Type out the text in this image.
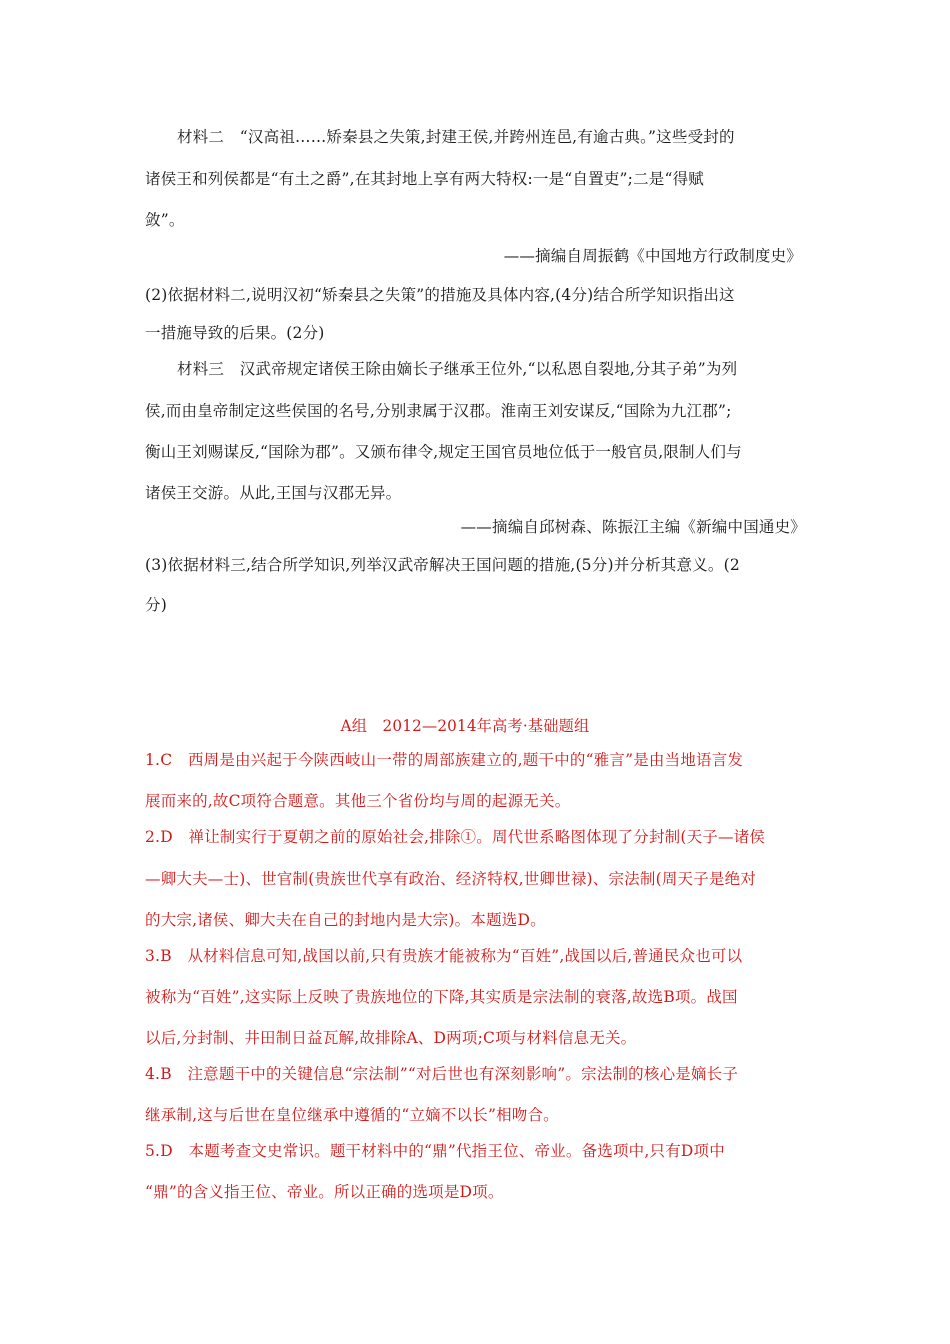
材料二　“汉高祖……矫秦县之失策,封建王侯,并跨州连邑,有逾古典。”这些受封的
诸侯王和列侯都是“有土之爵”,在其封地上享有两大特权:一是“自置吏”;二是“得赋
敛”。
——摘编自周振鹤《中国地方行政制度史》
(2)依据材料二,说明汉初“矫秦县之失策”的措施及具体内容,(4分)结合所学知识指出这
一措施导致的后果。(2分)
材料三　汉武帝规定诸侯王除由嫡长子继承王位外,“以私恩自裂地,分其子弟”为列
侯,而由皇帝制定这些侯国的名号,分别隶属于汉郡。淮南王刘安谋反,“国除为九江郡”;
衡山王刘赐谋反,“国除为郡”。又颁布律令,规定王国官员地位低于一般官员,限制人们与
诸侯王交游。从此,王国与汉郡无异。
——摘编自邱树森、陈振江主编《新编中国通史》
(3)依据材料三,结合所学知识,列举汉武帝解决王国问题的措施,(5分)并分析其意义。(2
分)
A组　2012—2014年高考·基础题组
1.C　西周是由兴起于今陕西岐山一带的周部族建立的,题干中的“雅言”是由当地语言发
展而来的,故C项符合题意。其他三个省份均与周的起源无关。
2.D　禅让制实行于夏朝之前的原始社会,排除①。周代世系略图体现了分封制(天子—诸侯
—卿大夫—士)、世官制(贵族世代享有政治、经济特权,世卿世禄)、宗法制(周天子是绝对
的大宗,诸侯、卿大夫在自己的封地内是大宗)。本题选D。
3.B　从材料信息可知,战国以前,只有贵族才能被称为“百姓”,战国以后,普通民众也可以
被称为“百姓”,这实际上反映了贵族地位的下降,其实质是宗法制的衰落,故选B项。战国
以后,分封制、井田制日益瓦解,故排除A、D两项;C项与材料信息无关。
4.B　注意题干中的关键信息“宗法制”“对后世也有深刻影响”。宗法制的核心是嫡长子
继承制,这与后世在皇位继承中遵循的“立嫡不以长”相吻合。
5.D　本题考查文史常识。题干材料中的“鼎”代指王位、帝业。备选项中,只有D项中
“鼎”的含义指王位、帝业。所以正确的选项是D项。
